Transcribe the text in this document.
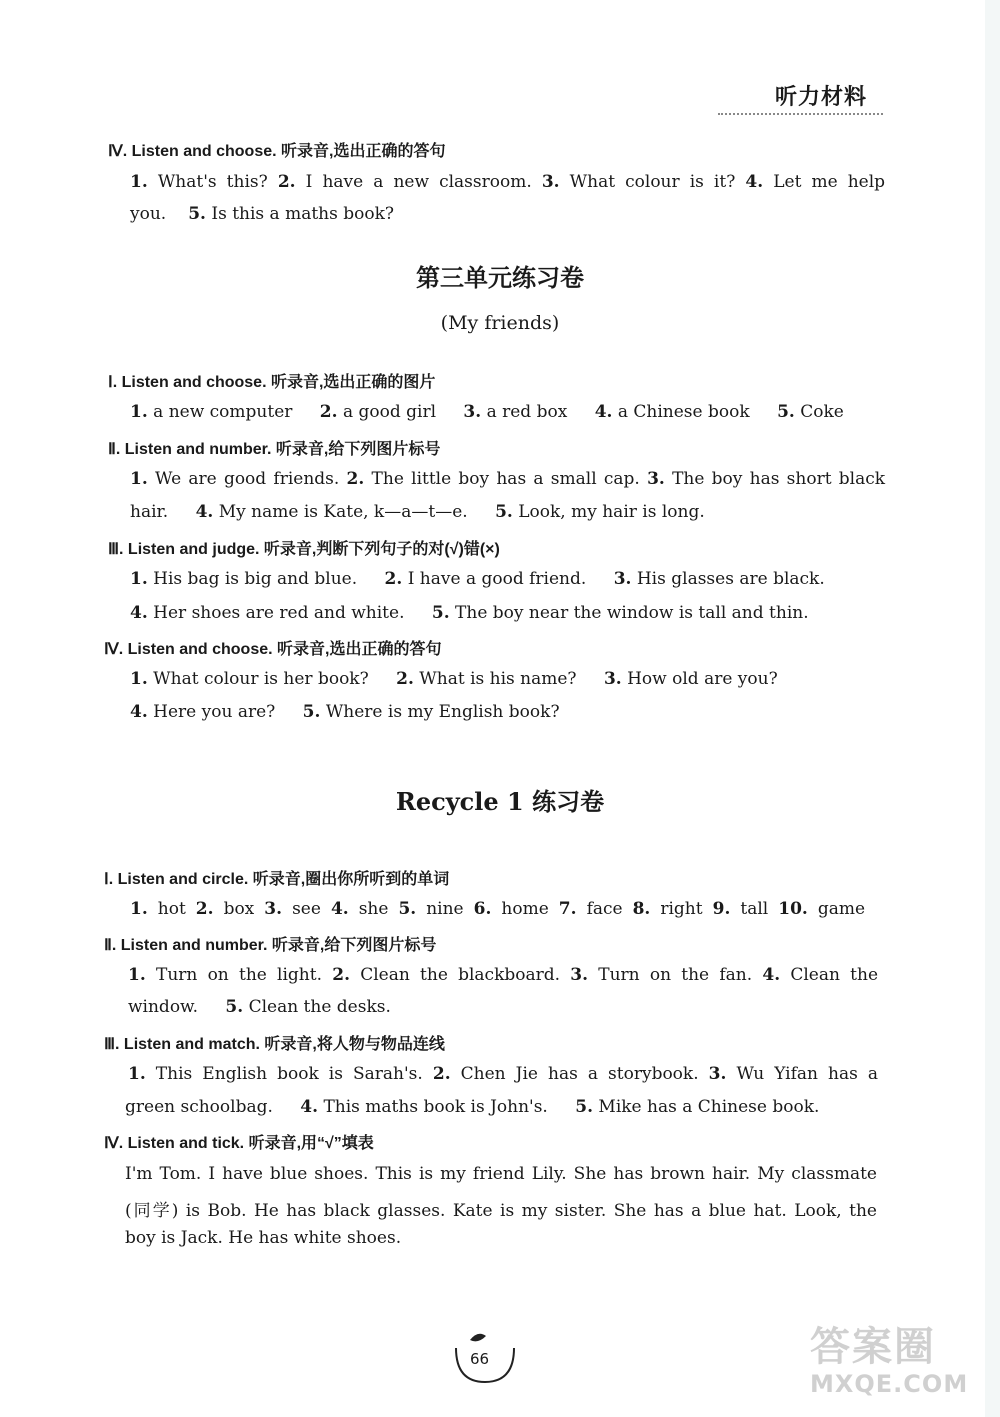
听力材料
Ⅳ. Listen and choose. 听录音,选出正确的答句
1. What's this? 2. I have a new classroom. 3. What colour is it? 4. Let me help
you. 5. Is this a maths book?
第三单元练习卷
(My friends)
Ⅰ. Listen and choose. 听录音,选出正确的图片
1. a new computer 2. a good girl 3. a red box 4. a Chinese book 5. Coke
Ⅱ. Listen and number. 听录音,给下列图片标号
1. We are good friends. 2. The little boy has a small cap. 3. The boy has short black
hair. 4. My name is Kate, k—a—t—e. 5. Look, my hair is long.
Ⅲ. Listen and judge. 听录音,判断下列句子的对(√)错(×)
1. His bag is big and blue. 2. I have a good friend. 3. His glasses are black.
4. Her shoes are red and white. 5. The boy near the window is tall and thin.
Ⅳ. Listen and choose. 听录音,选出正确的答句
1. What colour is her book? 2. What is his name? 3. How old are you?
4. Here you are? 5. Where is my English book?
Recycle 1 练习卷
Ⅰ. Listen and circle. 听录音,圈出你所听到的单词
1. hot 2. box 3. see 4. she 5. nine 6. home 7. face 8. right 9. tall 10. game
Ⅱ. Listen and number. 听录音,给下列图片标号
1. Turn on the light. 2. Clean the blackboard. 3. Turn on the fan. 4. Clean the
window. 5. Clean the desks.
Ⅲ. Listen and match. 听录音,将人物与物品连线
1. This English book is Sarah's. 2. Chen Jie has a storybook. 3. Wu Yifan has a
green schoolbag. 4. This maths book is John's. 5. Mike has a Chinese book.
Ⅳ. Listen and tick. 听录音,用“√”填表
I'm Tom. I have blue shoes. This is my friend Lily. She has brown hair. My classmate
(同学) is Bob. He has black glasses. Kate is my sister. She has a blue hat. Look, the
boy is Jack. He has white shoes.
66	答案圈
MXQE.COM
